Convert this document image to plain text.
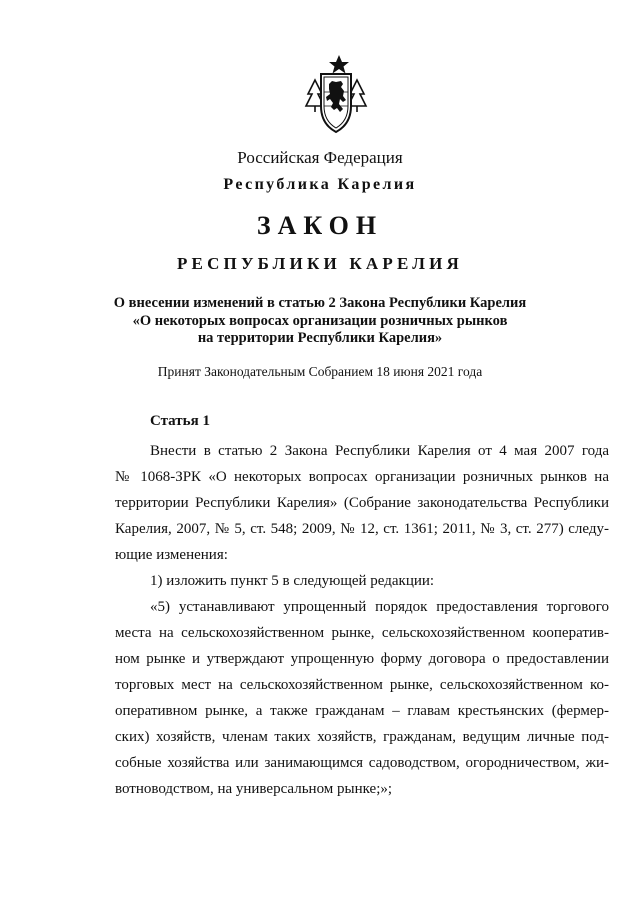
Российская Федерация
Республика Карелия
ЗАКОН
РЕСПУБЛИКИ КАРЕЛИЯ
О внесении изменений в статью 2 Закона Республики Карелия
«О некоторых вопросах организации розничных рынков
на территории Республики Карелия»
Принят Законодательным Собранием 18 июня 2021 года
Статья 1
Внести в статью 2 Закона Республики Карелия от 4 мая 2007 года
№ 1068-ЗРК «О некоторых вопросах организации розничных рынков на
территории Республики Карелия» (Собрание законодательства Республики
Карелия, 2007, № 5, ст. 548; 2009, № 12, ст. 1361; 2011, № 3, ст. 277) следу-
ющие изменения:
1) изложить пункт 5 в следующей редакции:
«5) устанавливают упрощенный порядок предоставления торгового
места на сельскохозяйственном рынке, сельскохозяйственном кооператив-
ном рынке и утверждают упрощенную форму договора о предоставлении
торговых мест на сельскохозяйственном рынке, сельскохозяйственном ко-
оперативном рынке, а также гражданам – главам крестьянских (фермер-
ских) хозяйств, членам таких хозяйств, гражданам, ведущим личные под-
собные хозяйства или занимающимся садоводством, огородничеством, жи-
вотноводством, на универсальном рынке;»;
